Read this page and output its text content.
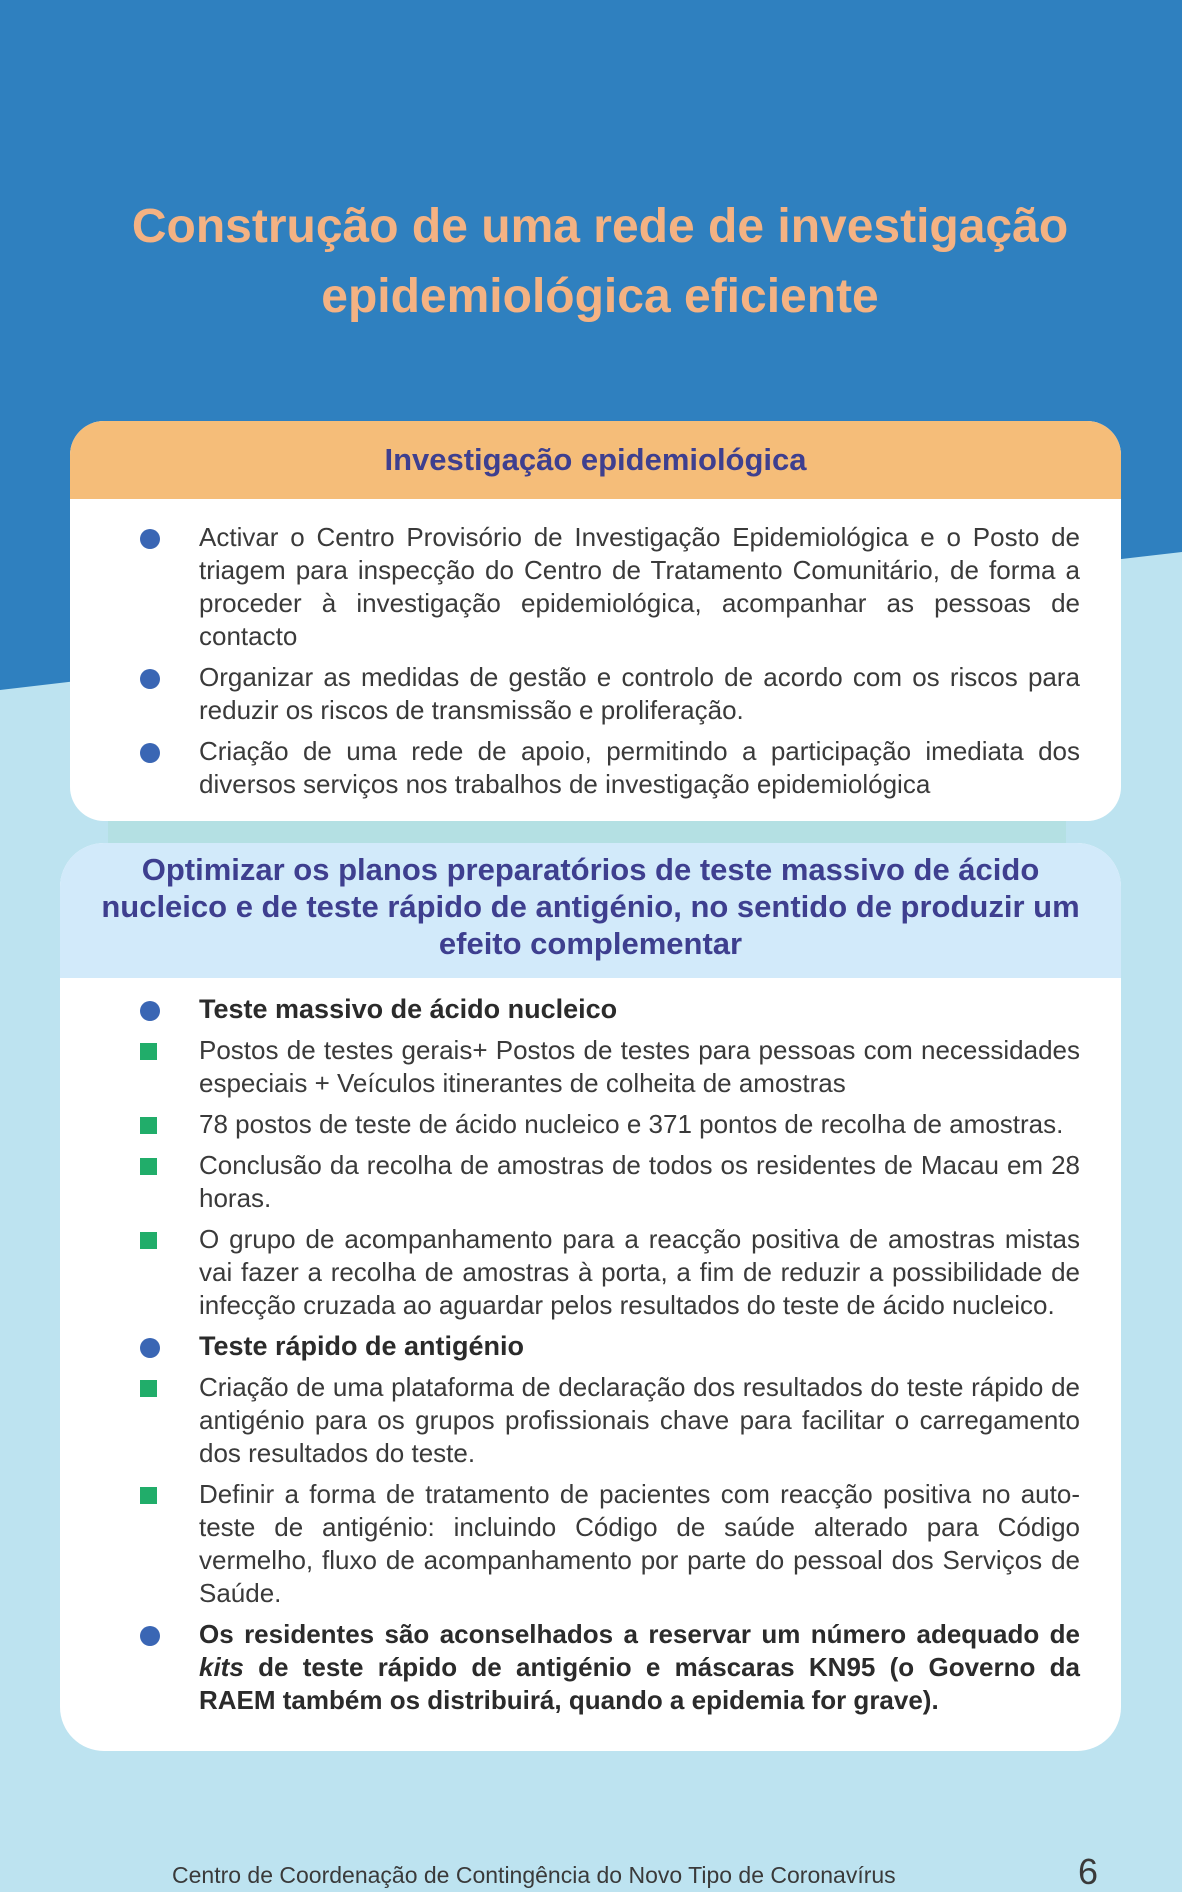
Construção de uma rede de investigação
epidemiológica eficiente
Investigação epidemiológica
Activar o Centro Provisório de Investigação Epidemiológica e o Posto de triagem para inspecção do Centro de Tratamento Comunitário, de forma a proceder à investigação epidemiológica, acompanhar as pessoas de contacto
Organizar as medidas de gestão e controlo de acordo com os riscos para reduzir os riscos de transmissão e proliferação.
Criação de uma rede de apoio, permitindo a participação imediata dos diversos serviços nos trabalhos de investigação epidemiológica
Optimizar os planos preparatórios de teste massivo de ácido
nucleico e de teste rápido de antigénio, no sentido de produzir um
efeito complementar
Teste massivo de ácido nucleico
Postos de testes gerais+ Postos de testes para pessoas com necessidades especiais + Veículos itinerantes de colheita de amostras
78 postos de teste de ácido nucleico e 371 pontos de recolha de amostras.
Conclusão da recolha de amostras de todos os residentes de Macau em 28 horas.
O grupo de acompanhamento para a reacção positiva de amostras mistas vai fazer a recolha de amostras à porta, a fim de reduzir a possibilidade de infecção cruzada ao aguardar pelos resultados do teste de ácido nucleico.
Teste rápido de antigénio
Criação de uma plataforma de declaração dos resultados do teste rápido de antigénio para os grupos profissionais chave para facilitar o carregamento dos resultados do teste.
Definir a forma de tratamento de pacientes com reacção positiva no auto-teste de antigénio: incluindo Código de saúde alterado para Código vermelho, fluxo de acompanhamento por parte do pessoal dos Serviços de Saúde.
Os residentes são aconselhados a reservar um número adequado de kits de teste rápido de antigénio e máscaras KN95 (o Governo da RAEM também os distribuirá, quando a epidemia for grave).
Centro de Coordenação de Contingência do Novo Tipo de Coronavírus	6
